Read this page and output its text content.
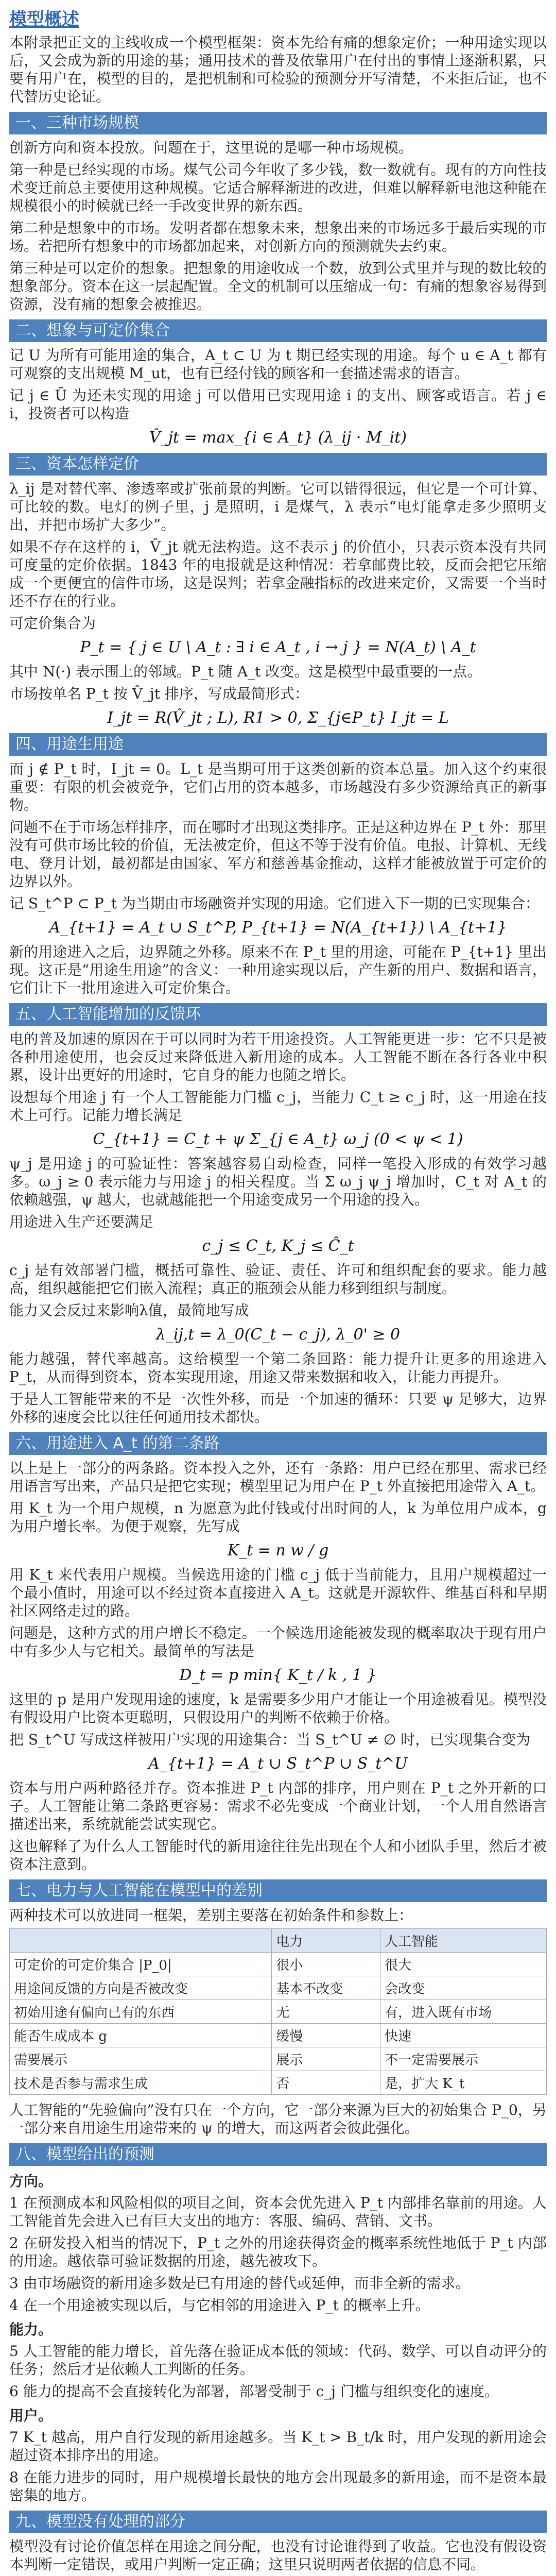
模型概述

本附录把正文的主线收成一个模型框架：资本先给有痛的想象定价；一种用途实现以后，又会成为新的用途的基；通用技术的普及依靠用户在付出的事情上逐渐积累，只要有用户在，模型的目的，是把机制和可检验的预测分开写清楚，不来拒后证，也不代替历史论证。

一、三种市场规模

创新方向和资本投放。问题在于，这里说的是哪一种市场规模。

第一种是已经实现的市场。煤气公司今年收了多少钱，数一数就有。现有的方向性技术变迁前总主要使用这种规模。它适合解释渐进的改进，但难以解释新电池这种能在规模很小的时候就已经一手改变世界的新东西。

第二种是想象中的市场。发明者都在想象未来，想象出来的市场远多于最后实现的市场。若把所有想象中的市场都加起来，对创新方向的预测就失去约束。

第三种是可以定价的想象。把想象的用途收成一个数，放到公式里并与现的数比较的想象部分。资本在这一层起配置。全文的机制可以压缩成一句：有痛的想象容易得到资源，没有痛的想象会被推迟。

二、想象与可定价集合

记 U 为所有可能用途的集合，A_t ⊂ U 为 t 期已经实现的用途。每个 u ∈ A_t 都有可观察的支出规模 M_ut，也有已经付钱的顾客和一套描述需求的语言。

记 j ∈ Ū 为还未实现的用途 j 可以借用已实现用途 i 的支出、顾客或语言。若 j ∈ i，投资者可以构造

V̂_jt = max_{i ∈ A_t} (λ_ij · M_it)
三、资本怎样定价

λ_ij 是对替代率、渗透率或扩张前景的判断。它可以错得很远，但它是一个可计算、可比较的数。电灯的例子里，j 是照明，i 是煤气，λ 表示“电灯能拿走多少照明支出，并把市场扩大多少”。

如果不存在这样的 i，V̂_jt 就无法构造。这不表示 j 的价值小，只表示资本没有共同可度量的定价依据。1843 年的电报就是这种情况：若拿邮费比较，反而会把它压缩成一个更便宜的信件市场，这是误判；若拿金融指标的改进来定价，又需要一个当时还不存在的行业。

可定价集合为

P_t = { j ∈ U \ A_t : ∃ i ∈ A_t , i → j } = N(A_t) \ A_t

其中 N(·) 表示围上的邻域。P_t 随 A_t 改变。这是模型中最重要的一点。

市场按单名 P_t 按 V̂_jt 排序，写成最简形式：

I_jt = R(V̂_jt ; L), R1 > 0, Σ_{j∈P_t} I_jt = L
四、用途生用途

而 j ∉ P_t 时，I_jt = 0。L_t 是当期可用于这类创新的资本总量。加入这个约束很重要：有限的机会被竞争，它们占用的资本越多，市场越没有多少资源给真正的新事物。

问题不在于市场怎样排序，而在哪时才出现这类排序。正是这种边界在 P_t 外：那里没有可供市场比较的价值，无法被定价，但这不等于没有价值。电报、计算机、无线电、登月计划，最初都是由国家、军方和慈善基金推动，这样才能被放置于可定价的边界以外。

记 S_t^P ⊂ P_t 为当期由市场融资并实现的用途。它们进入下一期的已实现集合：

A_{t+1} = A_t ∪ S_t^P, P_{t+1} = N(A_{t+1}) \ A_{t+1}

新的用途进入之后，边界随之外移。原来不在 P_t 里的用途，可能在 P_{t+1} 里出现。这正是“用途生用途”的含义：一种用途实现以后，产生新的用户、数据和语言，它们让下一批用途进入可定价集合。

五、人工智能增加的反馈环

电的普及加速的原因在于可以同时为若干用途投资。人工智能更进一步：它不只是被各种用途使用，也会反过来降低进入新用途的成本。人工智能不断在各行各业中积累，设计出更好的用途时，它自身的能力也随之增长。

设想每个用途 j 有一个人工智能能力门槛 c_j，当能力 C_t ≥ c_j 时，这一用途在技术上可行。记能力增长满足

C_{t+1} = C_t + ψ Σ_{j ∈ A_t} ω_j (0 < ψ < 1)

ψ_j 是用途 j 的可验证性：答案越容易自动检查，同样一笔投入形成的有效学习越多。ω_j ≥ 0 表示能力与用途 j 的相关程度。当 Σ ω_j ψ_j 增加时，C_t 对 A_t 的依赖越强，ψ 越大，也就越能把一个用途变成另一个用途的投入。

用途进入生产还要满足

c_j ≤ C_t, K_j ≤ Ĉ_t

c_j 是有效部署门槛，概括可靠性、验证、责任、许可和组织配套的要求。能力越高，组织越能把它们嵌入流程；真正的瓶颈会从能力移到组织与制度。

能力又会反过来影响λ值，最简地写成

λ_ij,t = λ_0(C_t − c_j), λ_0' ≥ 0

能力越强，替代率越高。这给模型一个第二条回路：能力提升让更多的用途进入 P_t，从而得到资本，资本实现用途，用途又带来数据和收入，让能力再提升。

于是人工智能带来的不是一次性外移，而是一个加速的循环：只要 ψ 足够大，边界外移的速度会比以往任何通用技术都快。

六、用途进入 A_t 的第二条路

以上是上一部分的两条路。资本投入之外，还有一条路：用户已经在那里、需求已经用语言写出来，产品只是把它实现；模型里记为用户在 P_t 外直接把用途带入 A_t。

用 K_t 为一个用户规模，n 为愿意为此付钱或付出时间的人，k 为单位用户成本，g 为用户增长率。为便于观察，先写成

K_t = n w / g

用 K_t 来代表用户规模。当候选用途的门槛 c_j 低于当前能力，且用户规模超过一个最小值时，用途可以不经过资本直接进入 A_t。这就是开源软件、维基百科和早期社区网络走过的路。

问题是，这种方式的用户增长不稳定。一个候选用途能被发现的概率取决于现有用户中有多少人与它相关。最简单的写法是

D_t = p min{ K_t / k , 1 }

这里的 p 是用户发现用途的速度，k 是需要多少用户才能让一个用途被看见。模型没有假设用户比资本更聪明，只假设用户的判断不依赖于价格。

把 S_t^U 写成这样被用户实现的用途集合：当 S_t^U ≠ ∅ 时，已实现集合变为

A_{t+1} = A_t ∪ S_t^P ∪ S_t^U

资本与用户两种路径并存。资本推进 P_t 内部的排序，用户则在 P_t 之外开新的口子。人工智能让第二条路更容易：需求不必先变成一个商业计划，一个人用自然语言描述出来，系统就能尝试实现它。

这也解释了为什么人工智能时代的新用途往往先出现在个人和小团队手里，然后才被资本注意到。

七、电力与人工智能在模型中的差别

两种技术可以放进同一框架，差别主要落在初始条件和参数上：

	电力	人工智能
可定价的可定价集合 |P_0|	很小	很大
用途间反馈的方向是否被改变	基本不改变	会改变
初始用途有偏向已有的东西	无	有，进入既有市场
能否生成成本 g	缓慢	快速
需要展示	展示	不一定需要展示
技术是否参与需求生成	否	是，扩大 K_t

人工智能的“先验偏向”没有只在一个方向，它一部分来源为巨大的初始集合 P_0，另一部分来自用途生用途带来的 ψ 的增大，而这两者会彼此强化。

八、模型给出的预测
方向。

1 在预测成本和风险相似的项目之间，资本会优先进入 P_t 内部排名靠前的用途。人工智能首先会进入已有巨大支出的地方：客服、编码、营销、文书。

2 在研发投入相当的情况下，P_t 之外的用途获得资金的概率系统性地低于 P_t 内部的用途。越依靠可验证数据的用途，越先被攻下。

3 由市场融资的新用途多数是已有用途的替代或延伸，而非全新的需求。

4 在一个用途被实现以后，与它相邻的用途进入 P_t 的概率上升。

能力。

5 人工智能的能力增长，首先落在验证成本低的领域：代码、数学、可以自动评分的任务；然后才是依赖人工判断的任务。

6 能力的提高不会直接转化为部署，部署受制于 c_j 门槛与组织变化的速度。

用户。

7 K_t 越高，用户自行发现的新用途越多。当 K_t > B_t/k 时，用户发现的新用途会超过资本排序出的用途。

8 在能力进步的同时，用户规模增长最快的地方会出现最多的新用途，而不是资本最密集的地方。

九、模型没有处理的部分

模型没有讨论价值怎样在用途之间分配，也没有讨论谁得到了收益。它也没有假设资本判断一定错误，或用户判断一定正确；这里只说明两者依据的信息不同。
